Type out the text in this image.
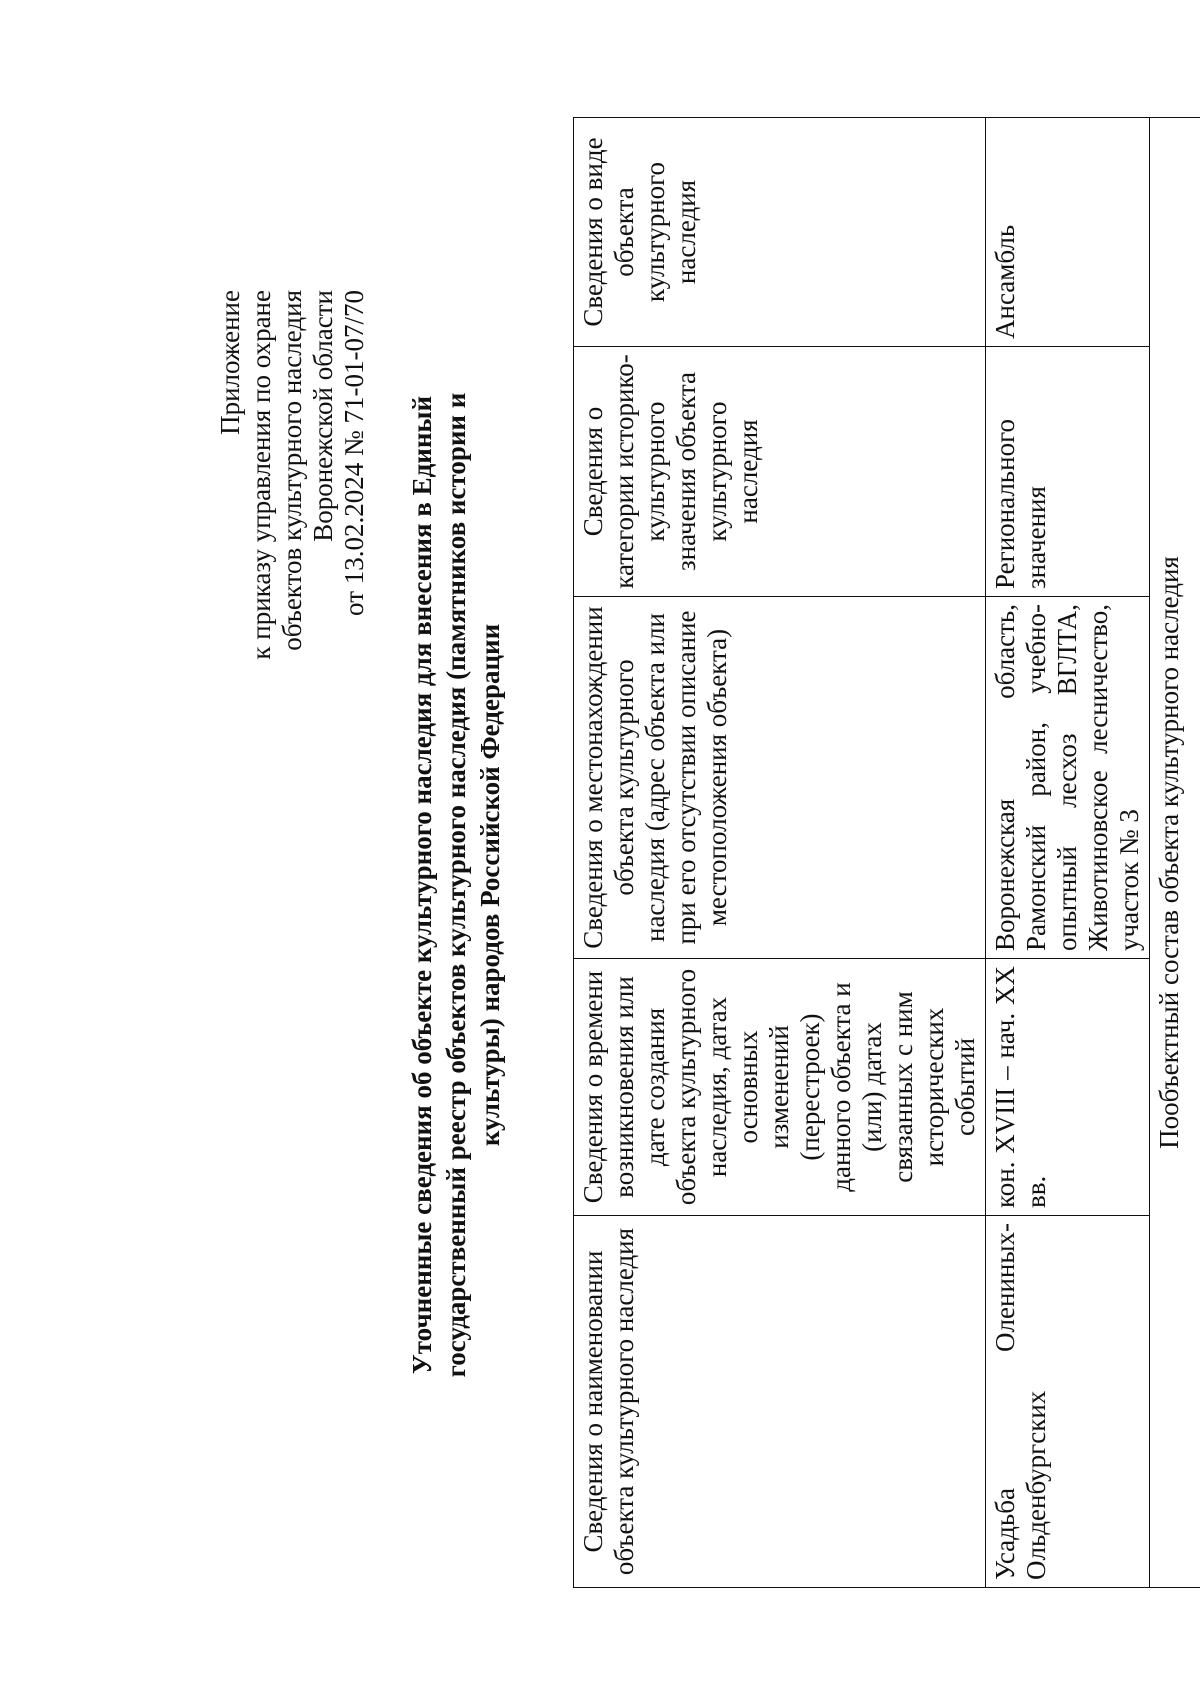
Приложение к приказу управления по охране объектов культурного наследия Воронежской области от 13.02.2024 № 71-01-07/70 Уточненные сведения об объекте культурного наследия для внесения в Единый государственный реестр объектов культурного наследия (памятников истории и культуры) народов Российской Федерации
Сведения о наименовании объекта культурного наследия	Сведения о времени возникновения или дате создания объекта культурного наследия, датах основных изменений (перестроек) данного объекта и (или) датах связанных с ним исторических событий	Сведения о местонахождении объекта культурного наследия (адрес объекта или при его отсутствии описание местоположения объекта)	Сведения о категории историко-культурного значения объекта культурного наследия	Сведения о виде объекта культурного наследия
Усадьба Олениных-Ольденбургских	кон. XVIII – нач. XX вв.	Воронежская область, Рамонский район, учебно-опытный лесхоз ВГЛТА, Животиновское лесничество, участок № 3	Регионального значения	Ансамбль
Пообъектный состав объекта культурного наследия				
